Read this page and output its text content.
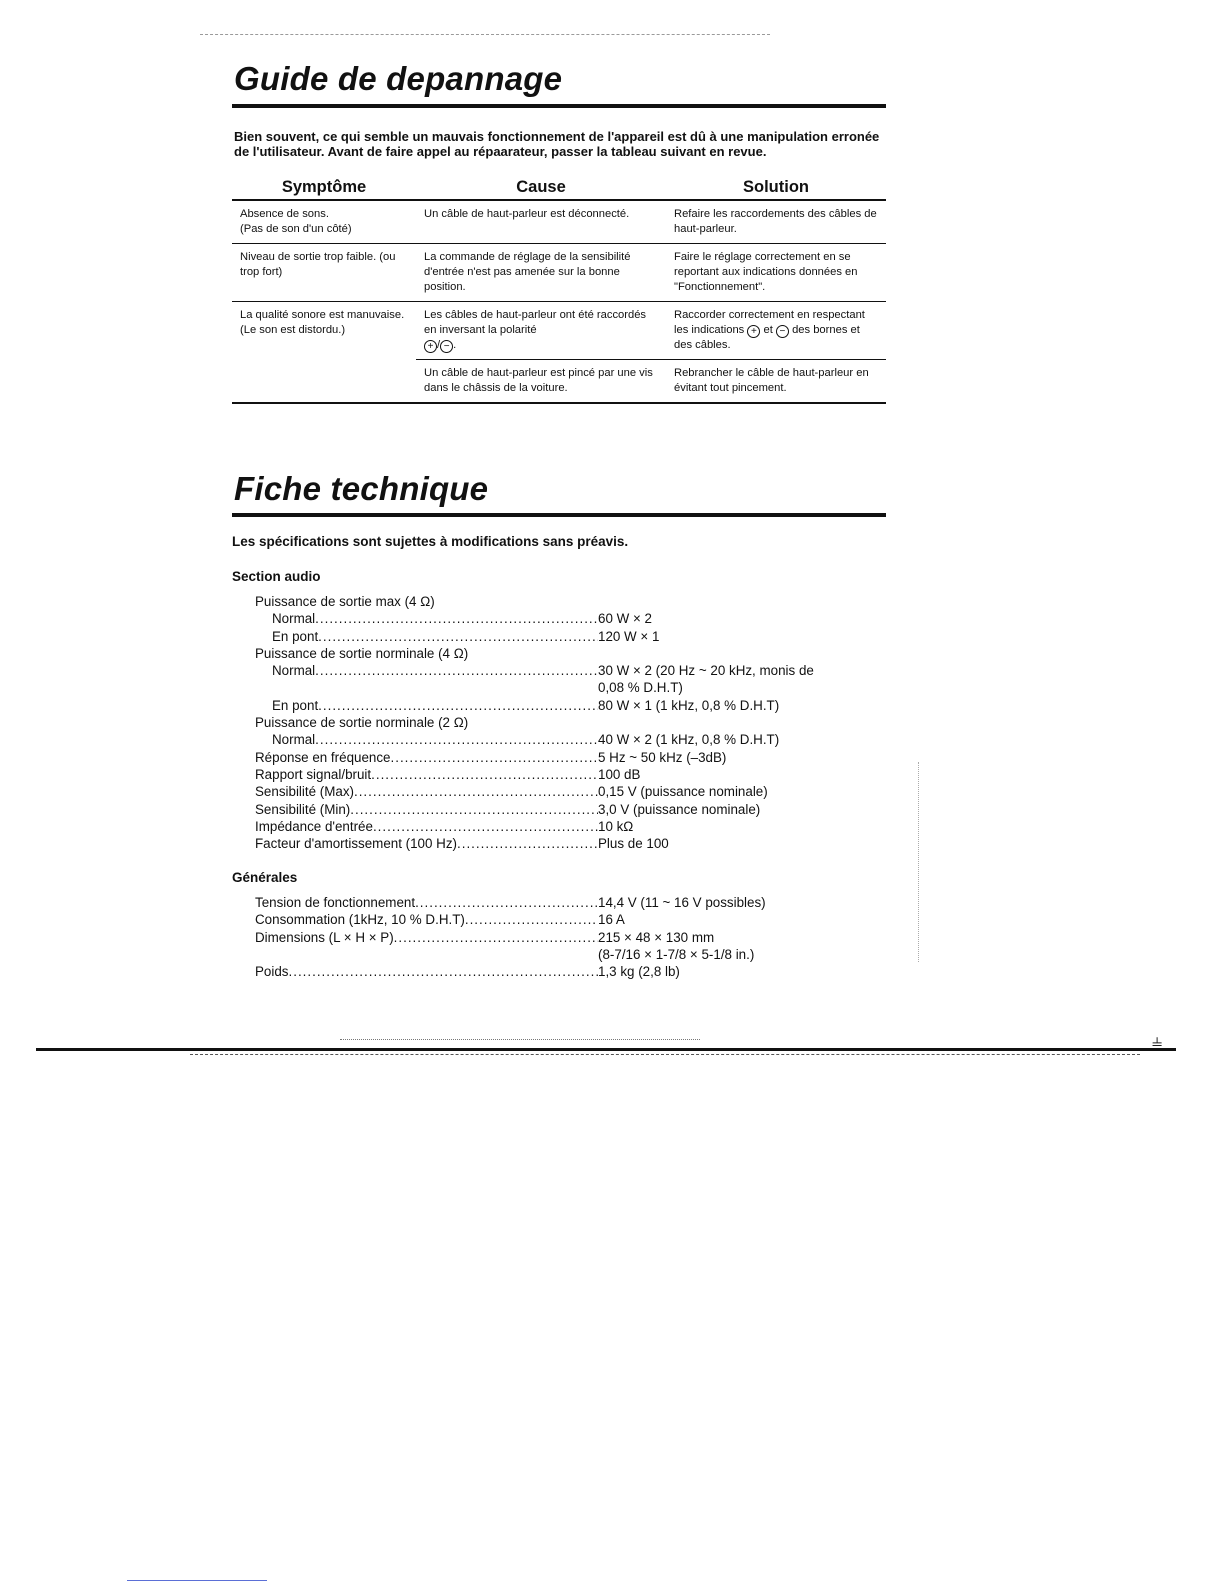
Guide de depannage

Bien souvent, ce qui semble un mauvais fonctionnement de l'appareil est dû à une manipulation erronée de l'utilisateur. Avant de faire appel au répaarateur, passer la tableau suivant en revue.

Symptôme	Cause	Solution
Absence de sons.
(Pas de son d'un côté)	Un câble de haut-parleur est déconnecté.	Refaire les raccordements des câbles de haut-parleur.
Niveau de sortie trop faible. (ou trop fort)	La commande de réglage de la sensibilité d'entrée n'est pas amenée sur la bonne position.	Faire le réglage correctement en se reportant aux indications données en "Fonctionnement".
La qualité sonore est manuvaise.
(Le son est distordu.)	Les câbles de haut-parleur ont été raccordés en inversant la polarité
+ / − .	Raccorder correctement en respectant les indications + et − des bornes et des câbles.
	Un câble de haut-parleur est pincé par une vis dans le châssis de la voiture.	Rebrancher le câble de haut-parleur en évitant tout pincement.
Fiche technique

Les spécifications sont sujettes à modifications sans préavis.

Section audio

Puissance de sortie max (4 Ω)
Normal .....	60 W × 2
En pont .....	120 W × 1
Puissance de sortie norminale (4 Ω)
Normal .....	30 W × 2 (20 Hz ~ 20 kHz, monis de
0,08 % D.H.T)
En pont .....	80 W × 1 (1 kHz, 0,8 % D.H.T)
Puissance de sortie norminale (2 Ω)
Normal .....	40 W × 2 (1 kHz, 0,8 % D.H.T)
Réponse en fréquence .....	5 Hz ~ 50 kHz (–3dB)
Rapport signal/bruit .....	100 dB
Sensibilité (Max) .....	0,15 V (puissance nominale)
Sensibilité (Min) .....	3,0 V (puissance nominale)
Impédance d'entrée .....	10 kΩ
Facteur d'amortissement (100 Hz) .....	Plus de 100

Générales

Tension de fonctionnement .....	14,4 V (11 ~ 16 V possibles)
Consommation (1kHz, 10 % D.H.T) .....	16 A
Dimensions (L × H × P) .....	215 × 48 × 130 mm
(8-7/16 × 1-7/8 × 5-1/8 in.)
Poids .....	1,3 kg (2,8 lb)
⫨
